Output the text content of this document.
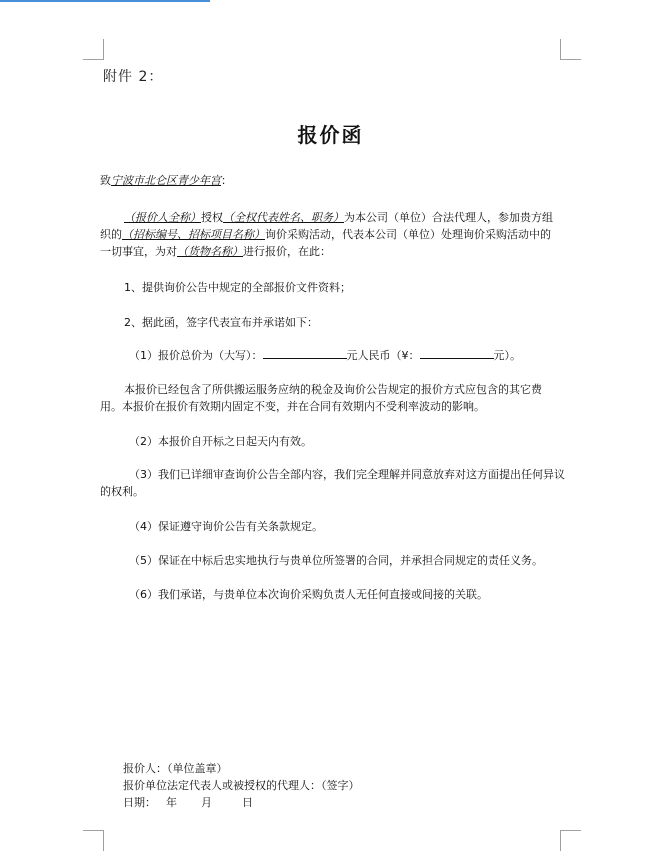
附件 2：
报价函
致宁波市北仑区青少年宫：
（报价人全称）授权（全权代表姓名、职务）为本公司（单位）合法代理人，参加贵方组
织的（招标编号、招标项目名称）询价采购活动，代表本公司（单位）处理询价采购活动中的
一切事宜，为对（货物名称）进行报价，在此：
1、提供询价公告中规定的全部报价文件资料；
2、据此函，签字代表宣布并承诺如下：
（1）报价总价为（大写）：	元人民币（¥：	元）。
本报价已经包含了所供搬运服务应纳的税金及询价公告规定的报价方式应包含的其它费
用。本报价在报价有效期内固定不变，并在合同有效期内不受利率波动的影响。
（2）本报价自开标之日起天内有效。
（3）我们已详细审查询价公告全部内容，我们完全理解并同意放弃对这方面提出任何异议
的权利。
（4）保证遵守询价公告有关条款规定。
（5）保证在中标后忠实地执行与贵单位所签署的合同，并承担合同规定的责任义务。
（6）我们承诺，与贵单位本次询价采购负责人无任何直接或间接的关联。
报价人：（单位盖章）
报价单位法定代表人或被授权的代理人：（签字）
日期： 年 月	日
